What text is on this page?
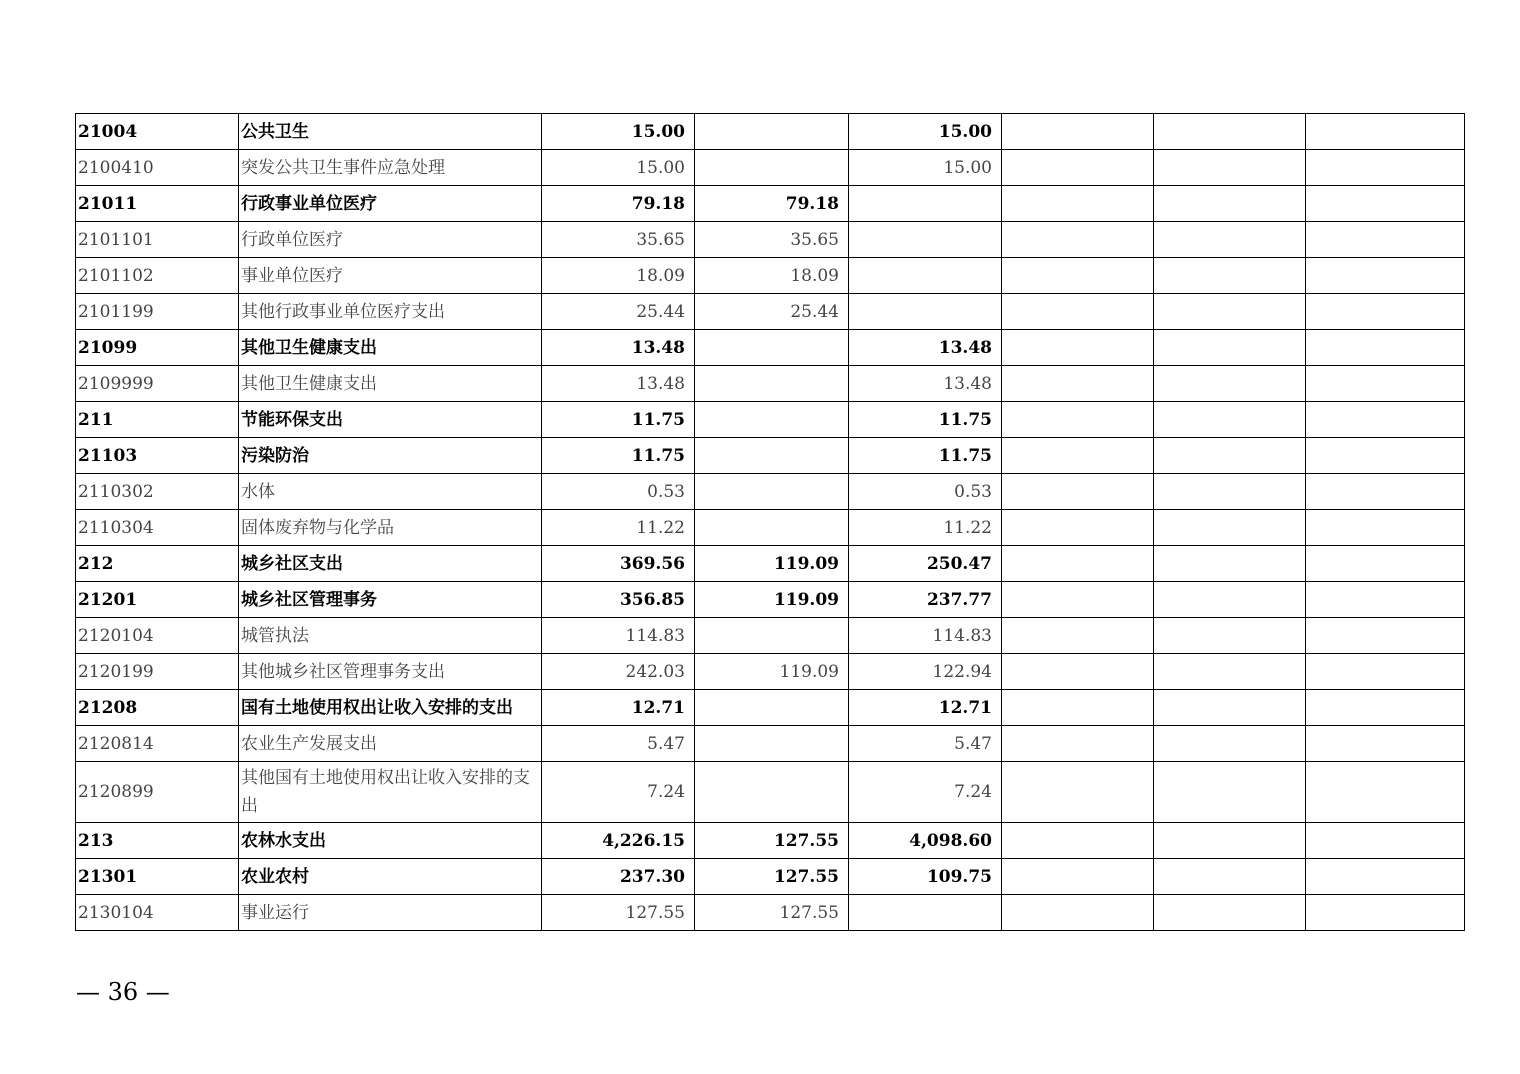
21004	公共卫生	15.00		15.00			
2100410	突发公共卫生事件应急处理	15.00		15.00			
21011	行政事业单位医疗	79.18	79.18				
2101101	行政单位医疗	35.65	35.65				
2101102	事业单位医疗	18.09	18.09				
2101199	其他行政事业单位医疗支出	25.44	25.44				
21099	其他卫生健康支出	13.48		13.48			
2109999	其他卫生健康支出	13.48		13.48			
211	节能环保支出	11.75		11.75			
21103	污染防治	11.75		11.75			
2110302	水体	0.53		0.53			
2110304	固体废弃物与化学品	11.22		11.22			
212	城乡社区支出	369.56	119.09	250.47			
21201	城乡社区管理事务	356.85	119.09	237.77			
2120104	城管执法	114.83		114.83			
2120199	其他城乡社区管理事务支出	242.03	119.09	122.94			
21208	国有土地使用权出让收入安排的支出	12.71		12.71			
2120814	农业生产发展支出	5.47		5.47			
2120899	其他国有土地使用权出让收入安排的支出	7.24		7.24			
213	农林水支出	4,226.15	127.55	4,098.60			
21301	农业农村	237.30	127.55	109.75			
2130104	事业运行	127.55	127.55				
— 36 —
